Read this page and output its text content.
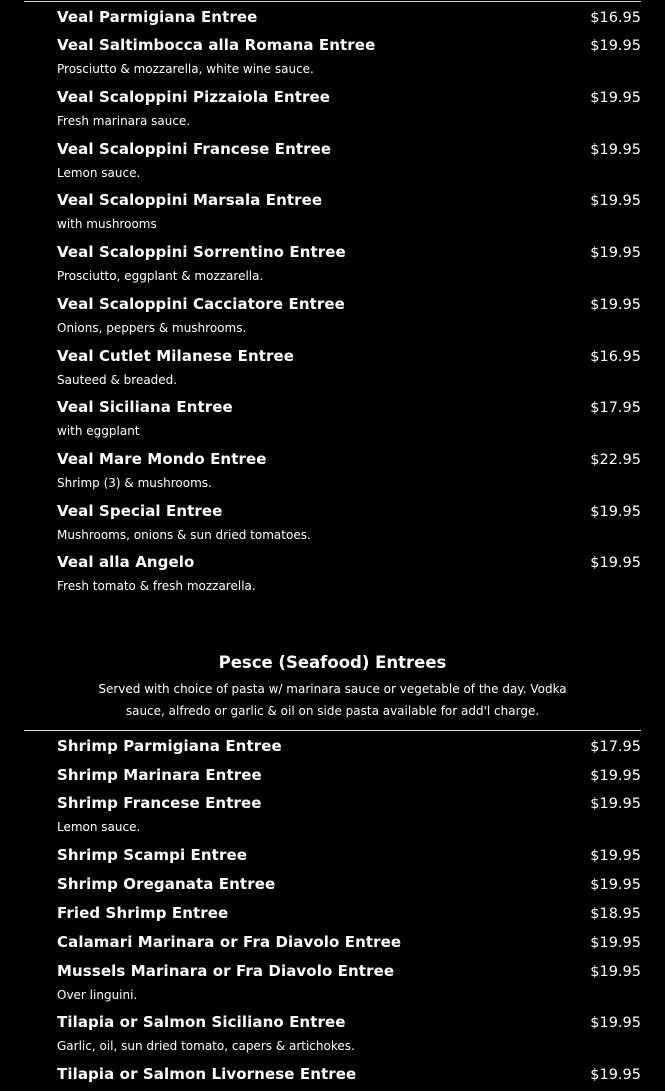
Veal Parmigiana Entree	$16.95
Veal Saltimbocca alla Romana Entree	$19.95
Prosciutto & mozzarella, white wine sauce.
Veal Scaloppini Pizzaiola Entree	$19.95
Fresh marinara sauce.
Veal Scaloppini Francese Entree	$19.95
Lemon sauce.
Veal Scaloppini Marsala Entree	$19.95
with mushrooms
Veal Scaloppini Sorrentino Entree	$19.95
Prosciutto, eggplant & mozzarella.
Veal Scaloppini Cacciatore Entree	$19.95
Onions, peppers & mushrooms.
Veal Cutlet Milanese Entree	$16.95
Sauteed & breaded.
Veal Siciliana Entree	$17.95
with eggplant
Veal Mare Mondo Entree	$22.95
Shrimp (3) & mushrooms.
Veal Special Entree	$19.95
Mushrooms, onions & sun dried tomatoes.
Veal alla Angelo	$19.95
Fresh tomato & fresh mozzarella.
Pesce (Seafood) Entrees
Served with choice of pasta w/ marinara sauce or vegetable of the day. Vodka
sauce, alfredo or garlic & oil on side pasta available for add'l charge.
Shrimp Parmigiana Entree	$17.95
Shrimp Marinara Entree	$19.95
Shrimp Francese Entree	$19.95
Lemon sauce.
Shrimp Scampi Entree	$19.95
Shrimp Oreganata Entree	$19.95
Fried Shrimp Entree	$18.95
Calamari Marinara or Fra Diavolo Entree	$19.95
Mussels Marinara or Fra Diavolo Entree	$19.95
Over linguini.
Tilapia or Salmon Siciliano Entree	$19.95
Garlic, oil, sun dried tomato, capers & artichokes.
Tilapia or Salmon Livornese Entree	$19.95
